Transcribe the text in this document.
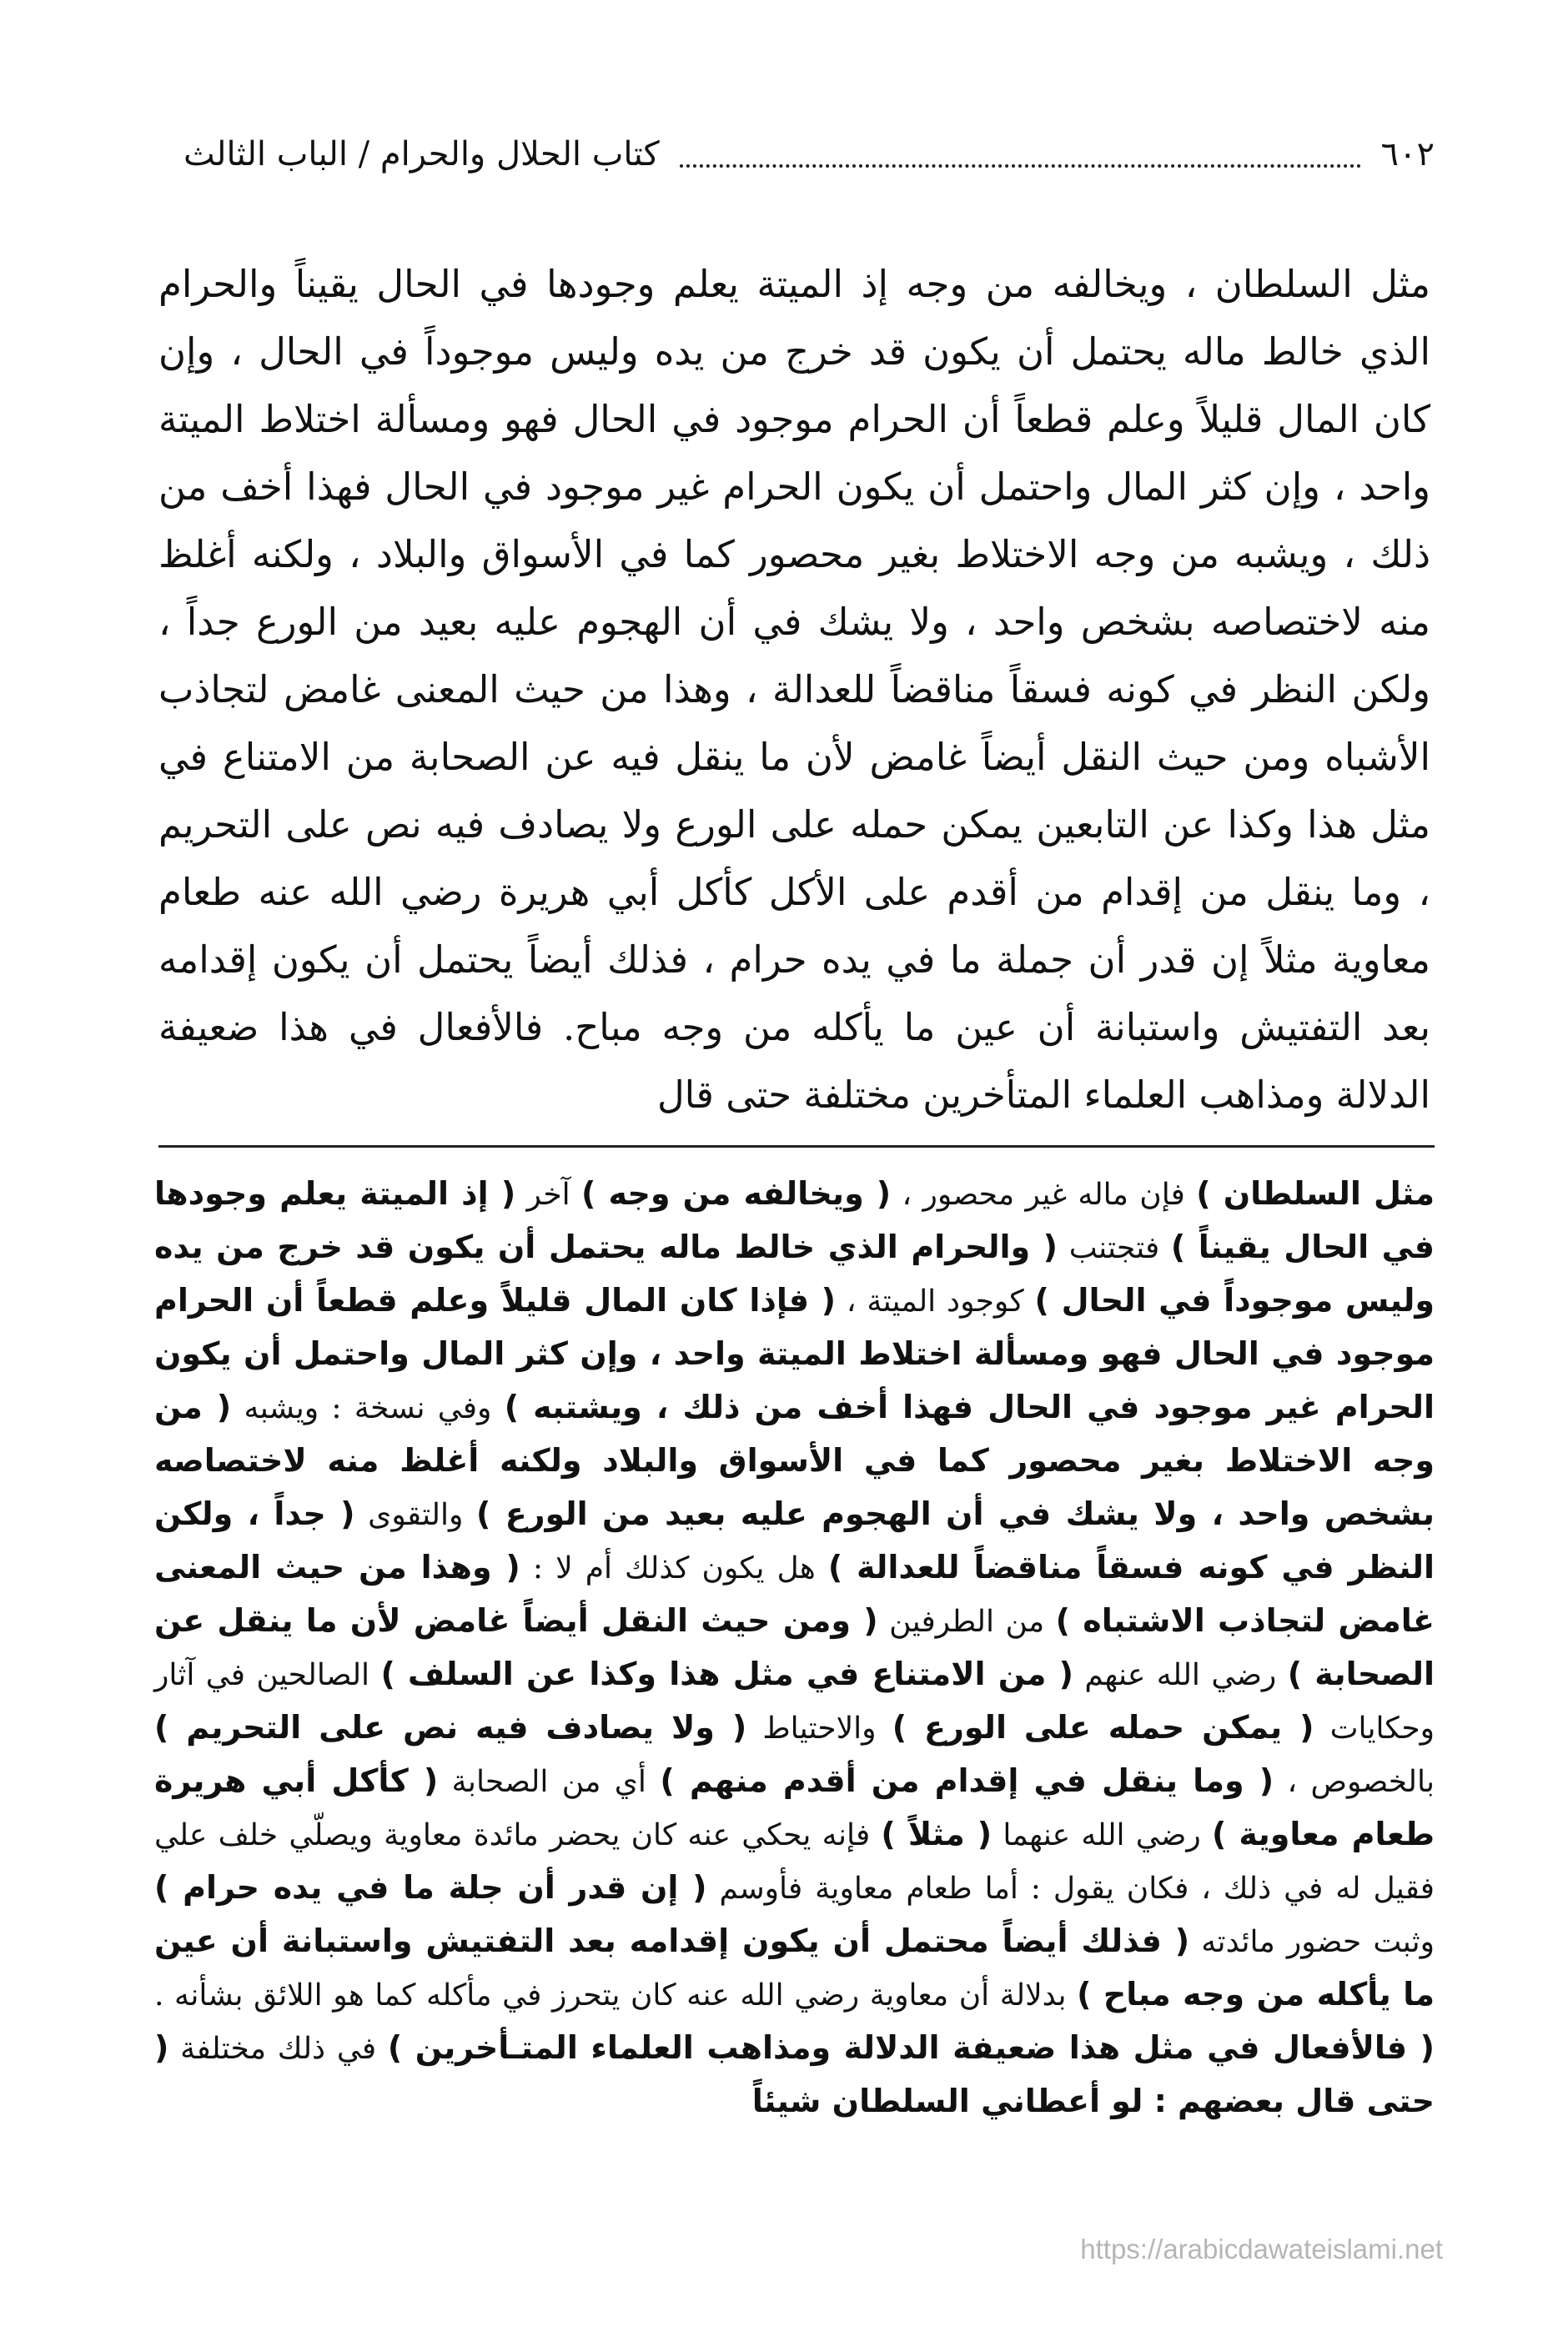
٦٠٢
كتاب الحلال والحرام / الباب الثالث

مثل السلطان ، ويخالفه من وجه إذ الميتة يعلم وجودها في الحال يقيناً والحرام الذي خالط ماله يحتمل أن يكون قد خرج من يده وليس موجوداً في الحال ، وإن كان المال قليلاً وعلم قطعاً أن الحرام موجود في الحال فهو ومسألة اختلاط الميتة واحد ، وإن كثر المال واحتمل أن يكون الحرام غير موجود في الحال فهذا أخف من ذلك ، ويشبه من وجه الاختلاط بغير محصور كما في الأسواق والبلاد ، ولكنه أغلظ منه لاختصاصه بشخص واحد ، ولا يشك في أن الهجوم عليه بعيد من الورع جداً ، ولكن النظر في كونه فسقاً مناقضاً للعدالة ، وهذا من حيث المعنى غامض لتجاذب الأشباه ومن حيث النقل أيضاً غامض لأن ما ينقل فيه عن الصحابة من الامتناع في مثل هذا وكذا عن التابعين يمكن حمله على الورع ولا يصادف فيه نص على التحريم ، وما ينقل من إقدام من أقدم على الأكل كأكل أبي هريرة رضي الله عنه طعام معاوية مثلاً إن قدر أن جملة ما في يده حرام ، فذلك أيضاً يحتمل أن يكون إقدامه بعد التفتيش واستبانة أن عين ما يأكله من وجه مباح. فالأفعال في هذا ضعيفة الدلالة ومذاهب العلماء المتأخرين مختلفة حتى قال

مثل السلطان ) فإن ماله غير محصور ، ( ويخالفه من وجه ) آخر ( إذ الميتة يعلم وجودها في الحال يقيناً ) فتجتنب ( والحرام الذي خالط ماله يحتمل أن يكون قد خرج من يده وليس موجوداً في الحال ) كوجود الميتة ، ( فإذا كان المال قليلاً وعلم قطعاً أن الحرام موجود في الحال فهو ومسألة اختلاط الميتة واحد ، وإن كثر المال واحتمل أن يكون الحرام غير موجود في الحال فهذا أخف من ذلك ، ويشتبه ) وفي نسخة : ويشبه ( من وجه الاختلاط بغير محصور كما في الأسواق والبلاد ولكنه أغلظ منه لاختصاصه بشخص واحد ، ولا يشك في أن الهجوم عليه بعيد من الورع ) والتقوى ( جداً ، ولكن النظر في كونه فسقاً مناقضاً للعدالة ) هل يكون كذلك أم لا : ( وهذا من حيث المعنى غامض لتجاذب الاشتباه ) من الطرفين ( ومن حيث النقل أيضاً غامض لأن ما ينقل عن الصحابة ) رضي الله عنهم ( من الامتناع في مثل هذا وكذا عن السلف ) الصالحين في آثار وحكايات ( يمكن حمله على الورع ) والاحتياط ( ولا يصادف فيه نص على التحريم ) بالخصوص ، ( وما ينقل في إقدام من أقدم منهم ) أي من الصحابة ( كأكل أبي هريرة طعام معاوية ) رضي الله عنهما ( مثلاً ) فإنه يحكي عنه كان يحضر مائدة معاوية ويصلّي خلف علي فقيل له في ذلك ، فكان يقول : أما طعام معاوية فأوسم ( إن قدر أن جلة ما في يده حرام ) وثبت حضور مائدته ( فذلك أيضاً محتمل أن يكون إقدامه بعد التفتيش واستبانة أن عين ما يأكله من وجه مباح ) بدلالة أن معاوية رضي الله عنه كان يتحرز في مأكله كما هو اللائق بشأنه . ( فالأفعال في مثل هذا ضعيفة الدلالة ومذاهب العلماء المتـأخرين ) في ذلك مختلفة ( حتى قال بعضهم : لو أعطاني السلطان شيئاً

https://arabicdawateislami.net
